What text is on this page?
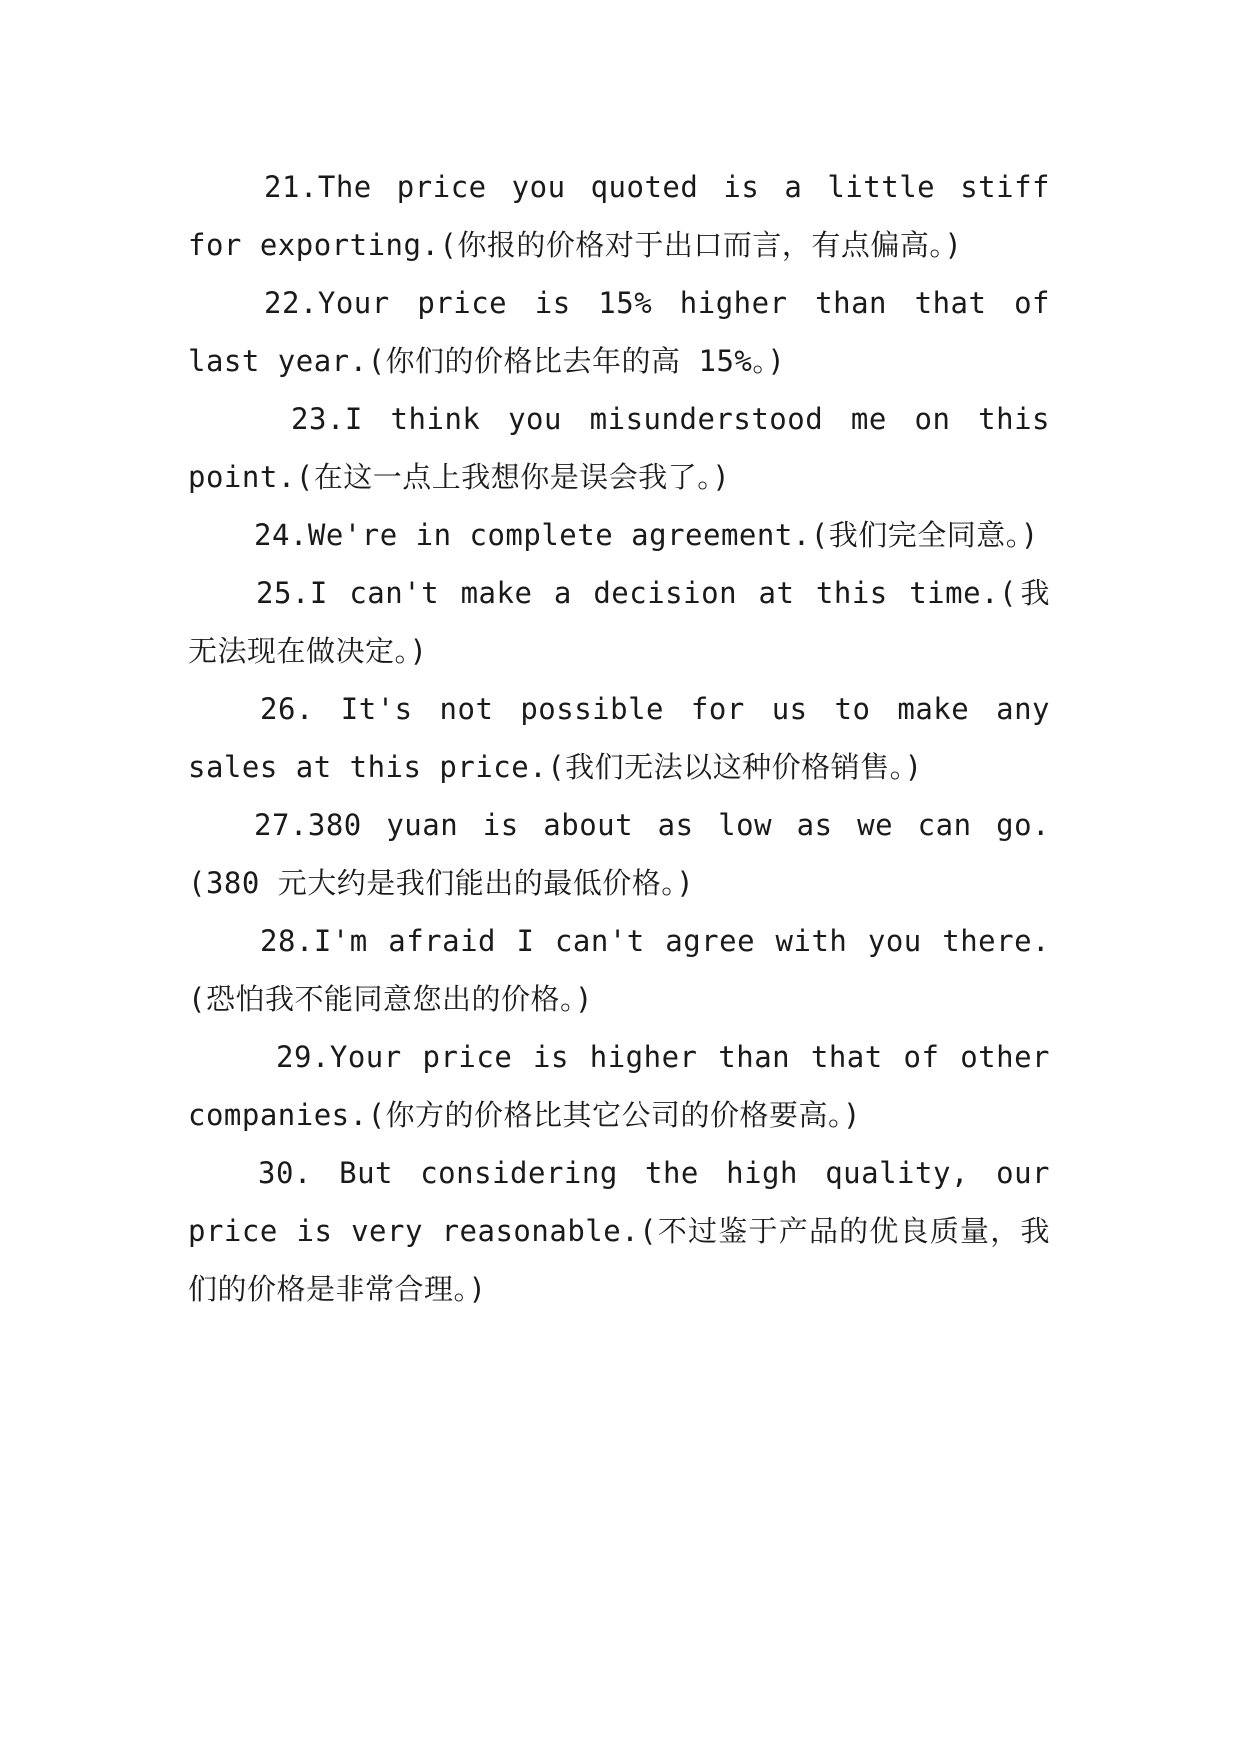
21.The price you quoted is a little stiff for exporting.(你报的价格对于出口而言，有点偏高。)

22.Your price is 15% higher than that of last year.(你们的价格比去年的高 15%。)

23.I think you misunderstood me on this point.(在这一点上我想你是误会我了。)

24.We're in complete agreement.(我们完全同意。)

25.I can't make a decision at this time.(我无法现在做决定。)

26. It's not possible for us to make any sales at this price.(我们无法以这种价格销售。)

27.380 yuan is about as low as we can go.(380 元大约是我们能出的最低价格。)

28.I'm afraid I can't agree with you there.(恐怕我不能同意您出的价格。)

29.Your price is higher than that of other companies.(你方的价格比其它公司的价格要高。)

30. But considering the high quality, our price is very reasonable.(不过鉴于产品的优良质量，我们的价格是非常合理。)
